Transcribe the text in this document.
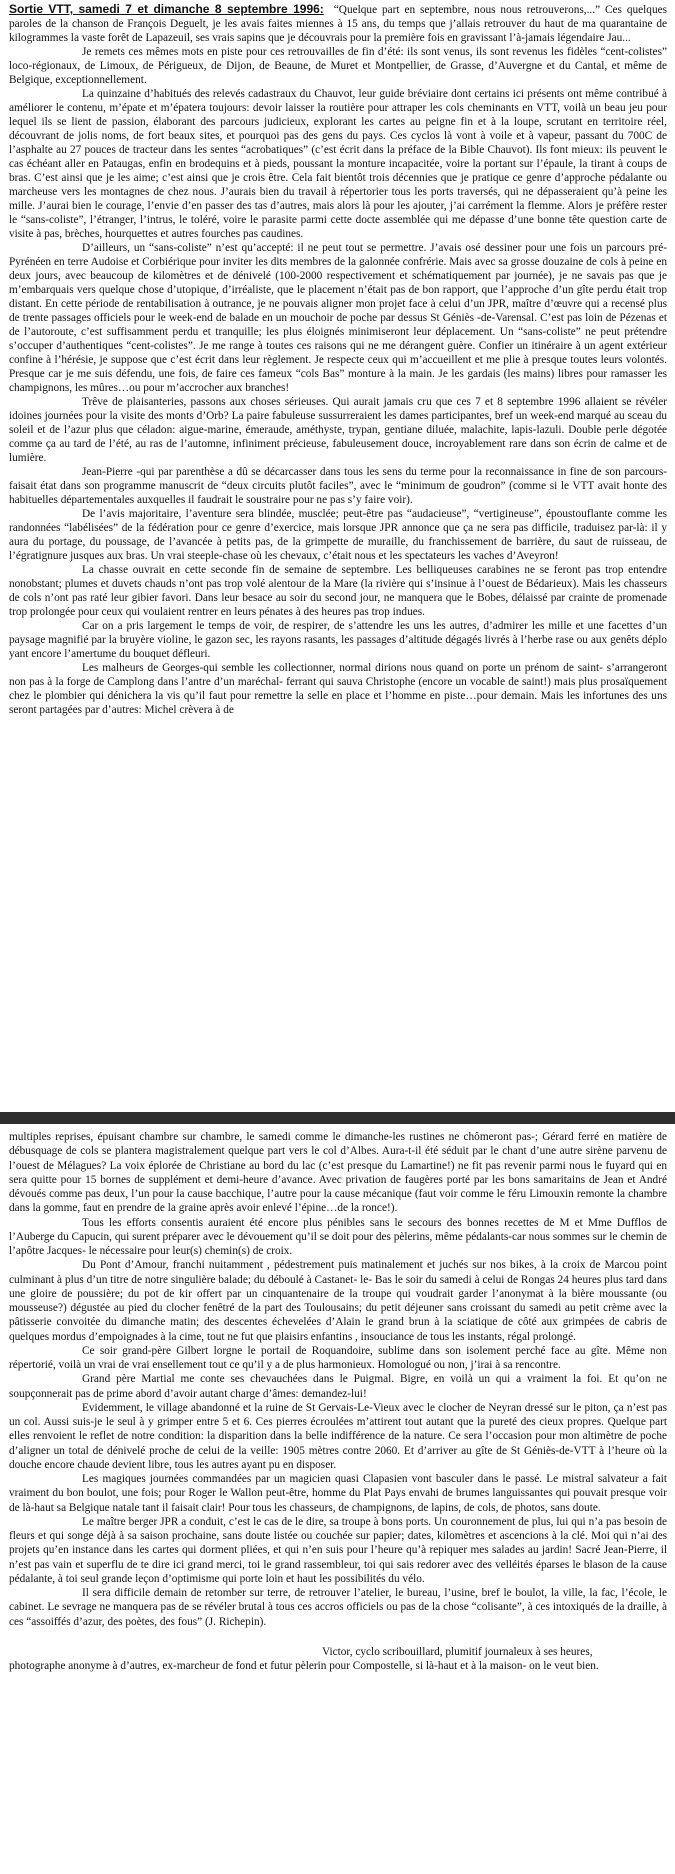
Sortie VTT, samedi 7 et dimanche 8 septembre 1996: “Quelque part en septembre, nous nous retrouverons,...” Ces quelques paroles de la chanson de François Deguelt, je les avais faites miennes à 15 ans, du temps que j’allais retrouver du haut de ma quarantaine de kilogrammes la vaste forêt de Lapazeuil, ses vrais sapins que je découvrais pour la première fois en gravissant l’à-jamais légendaire Jau...

Je remets ces mêmes mots en piste pour ces retrouvailles de fin d’été: ils sont venus, ils sont revenus les fidèles “cent-colistes” loco-régionaux, de Limoux, de Périgueux, de Dijon, de Beaune, de Muret et Montpellier, de Grasse, d’Auvergne et du Cantal, et même de Belgique, exceptionnellement.

La quinzaine d’habitués des relevés cadastraux du Chauvot, leur guide bréviaire dont certains ici présents ont même contribué à améliorer le contenu, m’épate et m’épatera toujours: devoir laisser la routière pour attraper les cols cheminants en VTT, voilà un beau jeu pour lequel ils se lient de passion, élaborant des parcours judicieux, explorant les cartes au peigne fin et à la loupe, scrutant en territoire réel, découvrant de jolis noms, de fort beaux sites, et pourquoi pas des gens du pays. Ces cyclos là vont à voile et à vapeur, passant du 700C de l’asphalte au 27 pouces de tracteur dans les sentes “acrobatiques” (c’est écrit dans la préface de la Bible Chauvot). Ils font mieux: ils peuvent le cas échéant aller en Pataugas, enfin en brodequins et à pieds, poussant la monture incapacitée, voire la portant sur l’épaule, la tirant à coups de bras. C’est ainsi que je les aime; c’est ainsi que je crois être. Cela fait bientôt trois décennies que je pratique ce genre d’approche pédalante ou marcheuse vers les montagnes de chez nous. J’aurais bien du travail à répertorier tous les ports traversés, qui ne dépasseraient qu’à peine les mille. J’aurai bien le courage, l’envie d’en passer des tas d’autres, mais alors là pour les ajouter, j’ai carrément la flemme. Alors je préfère rester le “sans-coliste”, l’étranger, l’intrus, le toléré, voire le parasite parmi cette docte assemblée qui me dépasse d’une bonne tête question carte de visite à pas, brèches, hourquettes et autres fourches pas caudines.

D’ailleurs, un “sans-coliste” n’est qu’accepté: il ne peut tout se permettre. J’avais osé dessiner pour une fois un parcours pré-Pyrénéen en terre Audoise et Corbiérique pour inviter les dits membres de la galonnée confrérie. Mais avec sa grosse douzaine de cols à peine en deux jours, avec beaucoup de kilomètres et de dénivelé (100-2000 respectivement et schématiquement par journée), je ne savais pas que je m’embarquais vers quelque chose d’utopique, d’irréaliste, que le placement n’était pas de bon rapport, que l’approche d’un gîte perdu était trop distant. En cette période de rentabilisation à outrance, je ne pouvais aligner mon projet face à celui d’un JPR, maître d’œuvre qui a recensé plus de trente passages officiels pour le week-end de balade en un mouchoir de poche par dessus St Géniès -de-Varensal. C’est pas loin de Pézenas et de l’autoroute, c’est suffisamment perdu et tranquille; les plus éloignés minimiseront leur déplacement. Un “sans-coliste” ne peut prétendre s’occuper d’authentiques “cent-colistes”. Je me range à toutes ces raisons qui ne me dérangent guère. Confier un itinéraire à un agent extérieur confine à l’hérésie, je suppose que c’est écrit dans leur règlement. Je respecte ceux qui m’accueillent et me plie à presque toutes leurs volontés. Presque car je me suis défendu, une fois, de faire ces fameux “cols Bas” monture à la main. Je les gardais (les mains) libres pour ramasser les champignons, les mûres…ou pour m’accrocher aux branches!

Trêve de plaisanteries, passons aux choses sérieuses. Qui aurait jamais cru que ces 7 et 8 septembre 1996 allaient se révéler idoines journées pour la visite des monts d’Orb? La paire fabuleuse sussurreraient les dames participantes, bref un week-end marqué au sceau du soleil et de l’azur plus que céladon: aigue-marine, émeraude, améthyste, trypan, gentiane diluée, malachite, lapis-lazuli. Double perle dégotée comme ça au tard de l’été, au ras de l’automne, infiniment précieuse, fabuleusement douce, incroyablement rare dans son écrin de calme et de lumière.

Jean-Pierre -qui par parenthèse a dû se décarcasser dans tous les sens du terme pour la reconnaissance in fine de son parcours- faisait état dans son programme manuscrit de “deux circuits plutôt faciles”, avec le “minimum de goudron” (comme si le VTT avait honte des habituelles départementales auxquelles il faudrait le soustraire pour ne pas s’y faire voir).

De l’avis majoritaire, l’aventure sera blindée, musclée; peut-être pas “audacieuse”, “vertigineuse”, époustouflante comme les randonnées “labélisées” de la fédération pour ce genre d’exercice, mais lorsque JPR annonce que ça ne sera pas difficile, traduisez par-là: il y aura du portage, du poussage, de l’avancée à petits pas, de la grimpette de muraille, du franchissement de barrière, du saut de ruisseau, de l’égratignure jusques aux bras. Un vrai steeple-chase où les chevaux, c’était nous et les spectateurs les vaches d’Aveyron!

La chasse ouvrait en cette seconde fin de semaine de septembre. Les belliqueuses carabines ne se feront pas trop entendre nonobstant; plumes et duvets chauds n’ont pas trop volé alentour de la Mare (la rivière qui s’insinue à l’ouest de Bédarieux). Mais les chasseurs de cols n’ont pas raté leur gibier favori. Dans leur besace au soir du second jour, ne manquera que le Bobes, délaissé par crainte de promenade trop prolongée pour ceux qui voulaient rentrer en leurs pénates à des heures pas trop indues.

Car on a pris largement le temps de voir, de respirer, de s’attendre les uns les autres, d’admirer les mille et une facettes d’un paysage magnifié par la bruyère violine, le gazon sec, les rayons rasants, les passages d’altitude dégagés livrés à l’herbe rase ou aux genêts déplo yant encore l’amertume du bouquet défleuri.

Les malheurs de Georges-qui semble les collectionner, normal dirions nous quand on porte un prénom de saint- s’arrangeront non pas à la forge de Camplong dans l’antre d’un maréchal- ferrant qui sauva Christophe (encore un vocable de saint!) mais plus prosaïquement chez le plombier qui dénichera la vis qu’il faut pour remettre la selle en place et l’homme en piste…pour demain. Mais les infortunes des uns seront partagées par d’autres: Michel crèvera à de

multiples reprises, épuisant chambre sur chambre, le samedi comme le dimanche-les rustines ne chômeront pas-; Gérard ferré en matière de débusquage de cols se plantera magistralement quelque part vers le col d’Albes. Aura-t-il été séduit par le chant d’une autre sirène parvenu de l’ouest de Mélagues? La voix éplorée de Christiane au bord du lac (c’est presque du Lamartine!) ne fit pas revenir parmi nous le fuyard qui en sera quitte pour 15 bornes de supplément et demi-heure d’avance. Avec privation de faugères porté par les bons samaritains de Jean et André dévoués comme pas deux, l’un pour la cause bacchique, l’autre pour la cause mécanique (faut voir comme le féru Limouxin remonte la chambre dans la gomme, faut en prendre de la graine après avoir enlevé l’épine…de la ronce!).

Tous les efforts consentis auraient été encore plus pénibles sans le secours des bonnes recettes de M et Mme Dufflos de l’Auberge du Capucin, qui surent préparer avec le dévouement qu’il se doit pour des pèlerins, même pédalants-car nous sommes sur le chemin de l’apôtre Jacques- le nécessaire pour leur(s) chemin(s) de croix.

Du Pont d’Amour, franchi nuitamment , pédestrement puis matinalement et juchés sur nos bikes, à la croix de Marcou point culminant à plus d’un titre de notre singulière balade; du déboulé à Castanet- le- Bas le soir du samedi à celui de Rongas 24 heures plus tard dans une gloire de poussière; du pot de kir offert par un cinquantenaire de la troupe qui voudrait garder l’anonymat à la bière moussante (ou mousseuse?) dégustée au pied du clocher fenêtré de la part des Toulousains; du petit déjeuner sans croissant du samedi au petit crème avec la pâtisserie convoitée du dimanche matin; des descentes échevelées d’Alain le grand brun à la sciatique de côté aux grimpées de cabris de quelques mordus d’empoignades à la cime, tout ne fut que plaisirs enfantins , insouciance de tous les instants, régal prolongé.

Ce soir grand-père Gilbert lorgne le portail de Roquandoire, sublime dans son isolement perché face au gîte. Même non répertorié, voilà un vrai de vrai ensellement tout ce qu’il y a de plus harmonieux. Homologué ou non, j’irai à sa rencontre.

Grand père Martial me conte ses chevauchées dans le Puigmal. Bigre, en voilà un qui a vraiment la foi. Et qu’on ne soupçonnerait pas de prime abord d’avoir autant charge d’âmes: demandez-lui!

Evidemment, le village abandonné et la ruine de St Gervais-Le-Vieux avec le clocher de Neyran dressé sur le piton, ça n’est pas un col. Aussi suis-je le seul à y grimper entre 5 et 6. Ces pierres écroulées m’attirent tout autant que la pureté des cieux propres. Quelque part elles renvoient le reflet de notre condition: la disparition dans la belle indifférence de la nature. Ce sera l’occasion pour mon altimètre de poche d’aligner un total de dénivelé proche de celui de la veille: 1905 mètres contre 2060. Et d’arriver au gîte de St Géniès-de-VTT à l’heure où la douche encore chaude devient libre, tous les autres ayant pu en disposer.

Les magiques journées commandées par un magicien quasi Clapasien vont basculer dans le passé. Le mistral salvateur a fait vraiment du bon boulot, une fois; pour Roger le Wallon peut-être, homme du Plat Pays envahi de brumes languissantes qui pouvait presque voir de là-haut sa Belgique natale tant il faisait clair! Pour tous les chasseurs, de champignons, de lapins, de cols, de photos, sans doute.

Le maître berger JPR a conduit, c’est le cas de le dire, sa troupe à bons ports. Un couronnement de plus, lui qui n’a pas besoin de fleurs et qui songe déjà à sa saison prochaine, sans doute listée ou couchée sur papier; dates, kilomètres et ascencions à la clé. Moi qui n’ai des projets qu’en instance dans les cartes qui dorment pliées, et qui n’en suis pour l’heure qu’à repiquer mes salades au jardin! Sacré Jean-Pierre, il n’est pas vain et superflu de te dire ici grand merci, toi le grand rassembleur, toi qui sais redorer avec des velléités éparses le blason de la cause pédalante, à toi seul grande leçon d’optimisme qui porte loin et haut les possibilités du vélo.

Il sera difficile demain de retomber sur terre, de retrouver l’atelier, le bureau, l’usine, bref le boulot, la ville, la fac, l’école, le cabinet. Le sevrage ne manquera pas de se révéler brutal à tous ces accros officiels ou pas de la chose “colisante”, à ces intoxiqués de la draille, à ces “assoiffés d’azur, des poètes, des fous” (J. Richepin).

Victor, cyclo scribouillard, plumitif journaleux à ses heures,

photographe anonyme à d’autres, ex-marcheur de fond et futur pèlerin pour Compostelle, si là-haut et à la maison- on le veut bien.
